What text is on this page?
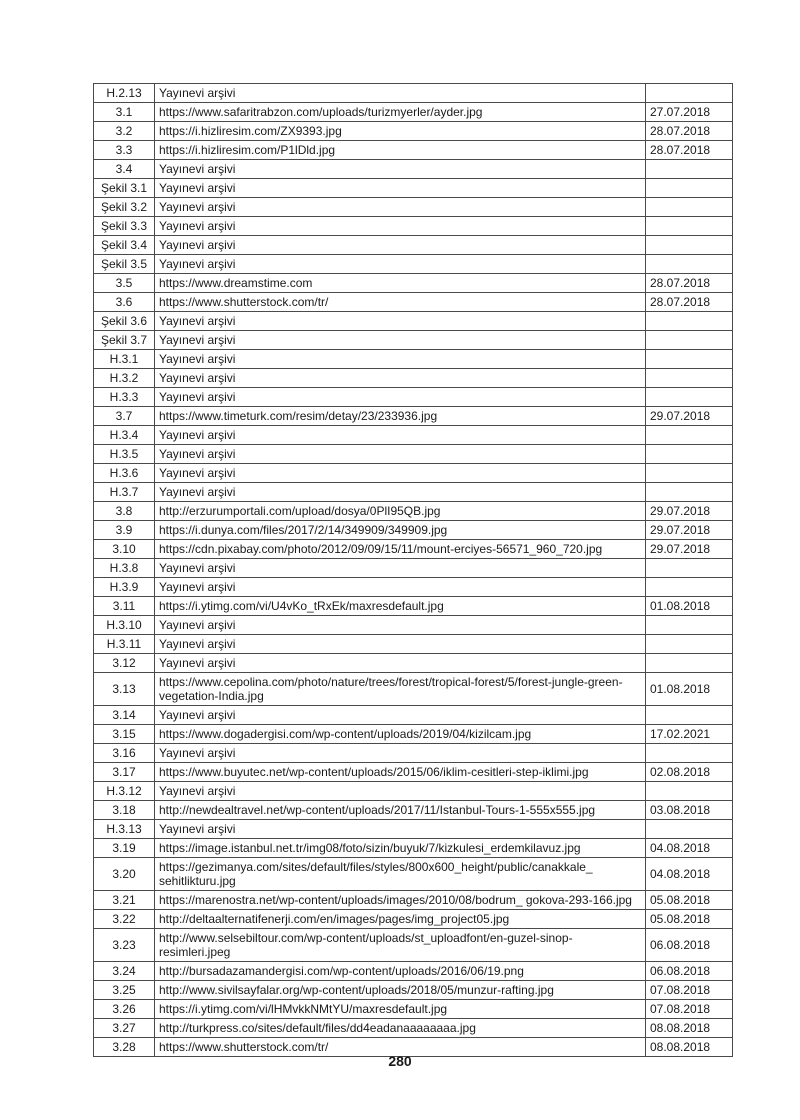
H.2.13	Yayınevi arşivi	
3.1	https://www.safaritrabzon.com/uploads/turizmyerler/ayder.jpg	27.07.2018
3.2	https://i.hizliresim.com/ZX9393.jpg	28.07.2018
3.3	https://i.hizliresim.com/P1lDld.jpg	28.07.2018
3.4	Yayınevi arşivi	
Şekil 3.1	Yayınevi arşivi	
Şekil 3.2	Yayınevi arşivi	
Şekil 3.3	Yayınevi arşivi	
Şekil 3.4	Yayınevi arşivi	
Şekil 3.5	Yayınevi arşivi	
3.5	https://www.dreamstime.com	28.07.2018
3.6	https://www.shutterstock.com/tr/	28.07.2018
Şekil 3.6	Yayınevi arşivi	
Şekil 3.7	Yayınevi arşivi	
H.3.1	Yayınevi arşivi	
H.3.2	Yayınevi arşivi	
H.3.3	Yayınevi arşivi	
3.7	https://www.timeturk.com/resim/detay/23/233936.jpg	29.07.2018
H.3.4	Yayınevi arşivi	
H.3.5	Yayınevi arşivi	
H.3.6	Yayınevi arşivi	
H.3.7	Yayınevi arşivi	
3.8	http://erzurumportali.com/upload/dosya/0PlI95QB.jpg	29.07.2018
3.9	https://i.dunya.com/files/2017/2/14/349909/349909.jpg	29.07.2018
3.10	https://cdn.pixabay.com/photo/2012/09/09/15/11/mount-erciyes-56571_960_720.jpg	29.07.2018
H.3.8	Yayınevi arşivi	
H.3.9	Yayınevi arşivi	
3.11	https://i.ytimg.com/vi/U4vKo_tRxEk/maxresdefault.jpg	01.08.2018
H.3.10	Yayınevi arşivi	
H.3.11	Yayınevi arşivi	
3.12	Yayınevi arşivi	
3.13	https://www.cepolina.com/photo/nature/trees/forest/tropical-forest/5/forest-jungle-green-vegetation-India.jpg	01.08.2018
3.14	Yayınevi arşivi	
3.15	https://www.dogadergisi.com/wp-content/uploads/2019/04/kizilcam.jpg	17.02.2021
3.16	Yayınevi arşivi	
3.17	https://www.buyutec.net/wp-content/uploads/2015/06/iklim-cesitleri-step-iklimi.jpg	02.08.2018
H.3.12	Yayınevi arşivi	
3.18	http://newdealtravel.net/wp-content/uploads/2017/11/Istanbul-Tours-1-555x555.jpg	03.08.2018
H.3.13	Yayınevi arşivi	
3.19	https://image.istanbul.net.tr/img08/foto/sizin/buyuk/7/kizkulesi_erdemkilavuz.jpg	04.08.2018
3.20	https://gezimanya.com/sites/default/files/styles/800x600_height/public/canakkale_ sehitlikturu.jpg	04.08.2018
3.21	https://marenostra.net/wp-content/uploads/images/2010/08/bodrum_ gokova-293-166.jpg	05.08.2018
3.22	http://deltaalternatifenerji.com/en/images/pages/img_project05.jpg	05.08.2018
3.23	http://www.selsebiltour.com/wp-content/uploads/st_uploadfont/en-guzel-sinop-resimleri.jpeg	06.08.2018
3.24	http://bursadazamandergisi.com/wp-content/uploads/2016/06/19.png	06.08.2018
3.25	http://www.sivilsayfalar.org/wp-content/uploads/2018/05/munzur-rafting.jpg	07.08.2018
3.26	https://i.ytimg.com/vi/lHMvkkNMtYU/maxresdefault.jpg	07.08.2018
3.27	http://turkpress.co/sites/default/files/dd4eadanaaaaaaaa.jpg	08.08.2018
3.28	https://www.shutterstock.com/tr/	08.08.2018
280
